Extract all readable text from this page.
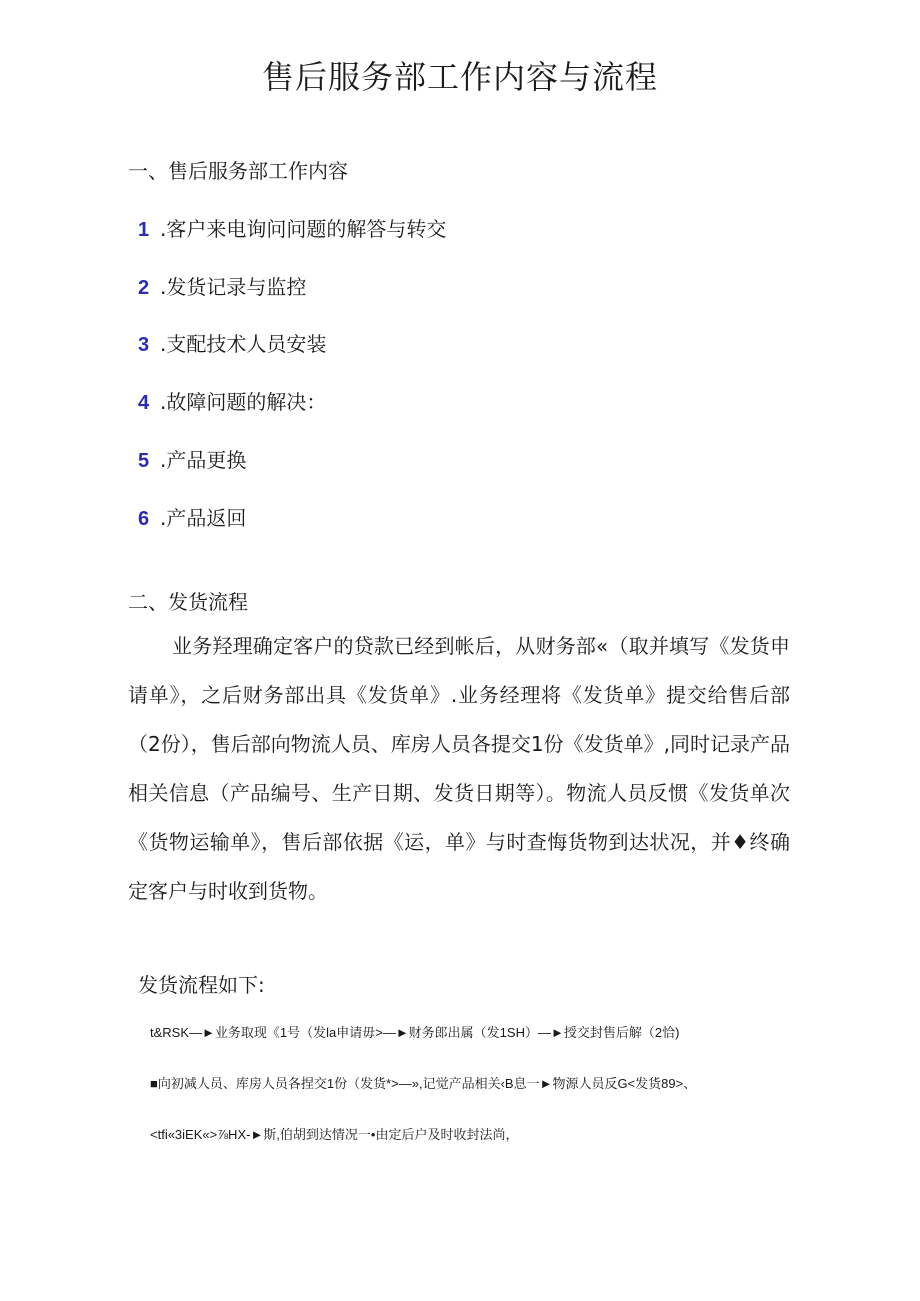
售后服务部工作内容与流程
一、售后服务部工作内容
1 .客户来电询问问题的解答与转交
2 .发货记录与监控
3 .支配技术人员安装
4 .故障问题的解决：
5 .产品更换
6 .产品返回
二、发货流程
业务羟理确定客户的贷款已经到帐后，从财务部«（取并填写《发货申请单》，之后财务部出具《发货单》.业务经理将《发货单》提交给售后部（2份），售后部向物流人员、库房人员各提交1份《发货单》,同时记录产品相关信息（产品编号、生产日期、发货日期等）。物流人员反惯《发货单次《货物运输单》，售后部依据《运，单》与时查悔货物到达状况，并♦终确定客户与时收到货物。
发货流程如下:
t&RSK—►业务取现《1号（发la申请毋>—►财务郎出属（发1SH）—►授交封售后解（2恰)
■向初减人员、库房人员各捏交1份（发货*>—»,记觉产品相关‹B息一►物源人员反G<发货89>、
<tfi«3iEK«>⅞HX-►斯,伯胡到达情况一•由定后户及时收封法尚，
